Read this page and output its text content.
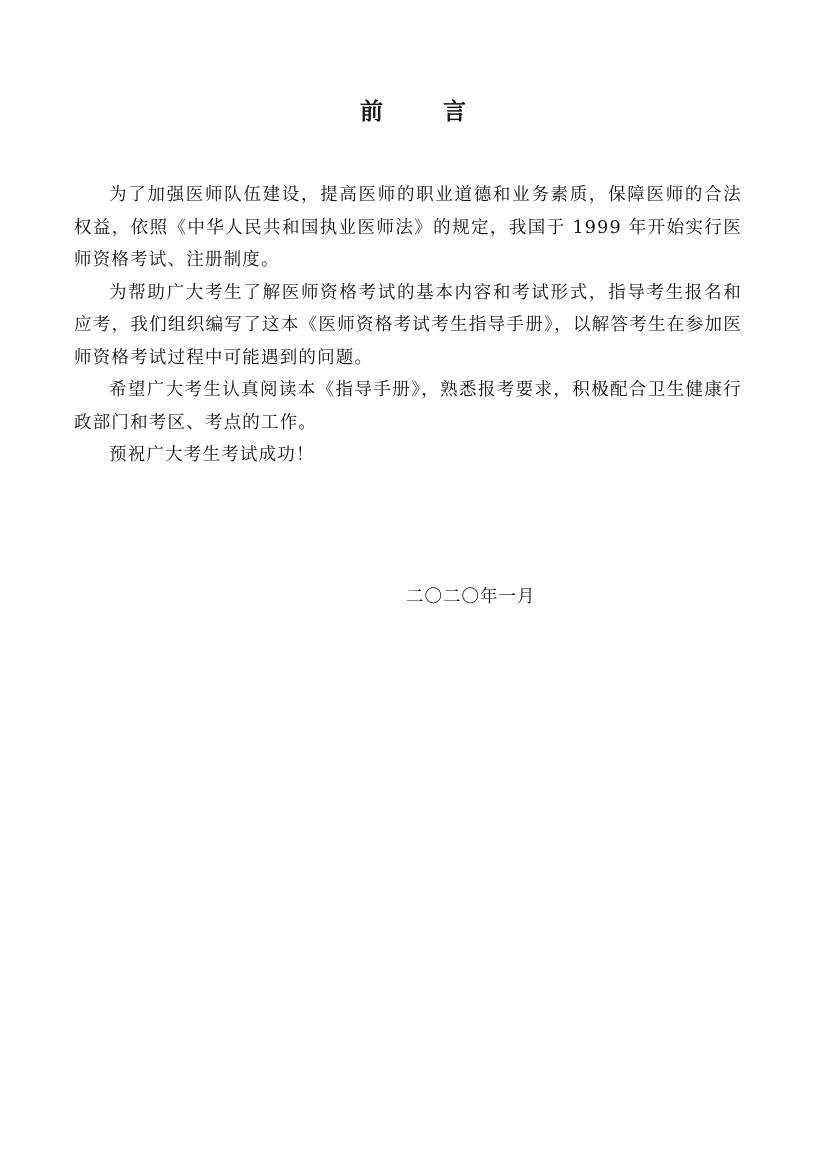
前	言

为了加强医师队伍建设，提高医师的职业道德和业务素质，保障医师的合法权益，依照《中华人民共和国执业医师法》的规定，我国于 1999 年开始实行医师资格考试、注册制度。

为帮助广大考生了解医师资格考试的基本内容和考试形式，指导考生报名和应考，我们组织编写了这本《医师资格考试考生指导手册》，以解答考生在参加医师资格考试过程中可能遇到的问题。

希望广大考生认真阅读本《指导手册》，熟悉报考要求，积极配合卫生健康行政部门和考区、考点的工作。

预祝广大考生考试成功！

二〇二〇年一月
